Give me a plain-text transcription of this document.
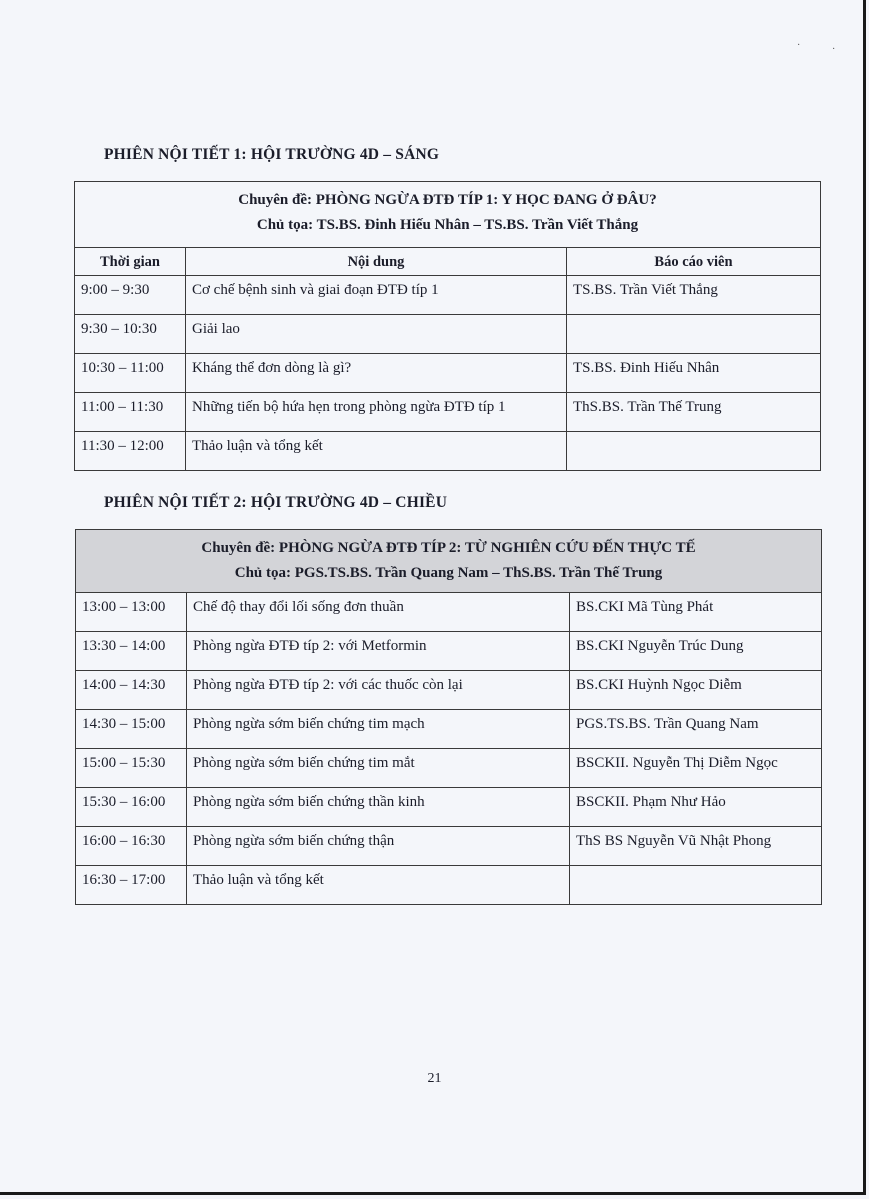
·	·
PHIÊN NỘI TIẾT 1: HỘI TRƯỜNG 4D – SÁNG
Chuyên đề: PHÒNG NGỪA ĐTĐ TÍP 1: Y HỌC ĐANG Ở ĐÂU?
Chủ tọa: TS.BS. Đinh Hiếu Nhân – TS.BS. Trần Viết Thắng		

Thời gian	Nội dung	Báo cáo viên
9:00 – 9:30	Cơ chế bệnh sinh và giai đoạn ĐTĐ típ 1	TS.BS. Trần Viết Thắng
9:30 – 10:30	Giải lao	
10:30 – 11:00	Kháng thể đơn dòng là gì?	TS.BS. Đinh Hiếu Nhân
11:00 – 11:30	Những tiến bộ hứa hẹn trong phòng ngừa ĐTĐ típ 1	ThS.BS. Trần Thế Trung
11:30 – 12:00	Thảo luận và tổng kết	
PHIÊN NỘI TIẾT 2: HỘI TRƯỜNG 4D – CHIỀU
Chuyên đề: PHÒNG NGỪA ĐTĐ TÍP 2: TỪ NGHIÊN CỨU ĐẾN THỰC TẾ
Chủ tọa: PGS.TS.BS. Trần Quang Nam – ThS.BS. Trần Thế Trung		

13:00 – 13:00	Chế độ thay đổi lối sống đơn thuần	BS.CKI Mã Tùng Phát
13:30 – 14:00	Phòng ngừa ĐTĐ típ 2: với Metformin	BS.CKI Nguyễn Trúc Dung
14:00 – 14:30	Phòng ngừa ĐTĐ típ 2: với các thuốc còn lại	BS.CKI Huỳnh Ngọc Diễm
14:30 – 15:00	Phòng ngừa sớm biến chứng tim mạch	PGS.TS.BS. Trần Quang Nam
15:00 – 15:30	Phòng ngừa sớm biến chứng tim mắt	BSCKII. Nguyễn Thị Diễm Ngọc
15:30 – 16:00	Phòng ngừa sớm biến chứng thần kinh	BSCKII. Phạm Như Hảo
16:00 – 16:30	Phòng ngừa sớm biến chứng thận	ThS BS Nguyễn Vũ Nhật Phong
16:30 – 17:00	Thảo luận và tổng kết	
21
